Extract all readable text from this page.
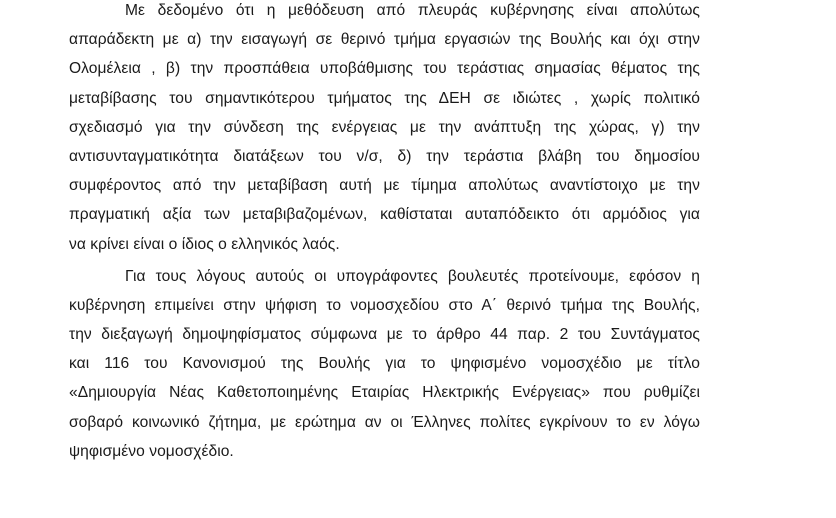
Με δεδομένο ότι η μεθόδευση από πλευράς κυβέρνησης είναι απολύτως
απαράδεκτη με α) την εισαγωγή σε θερινό τμήμα εργασιών της Βουλής και όχι στην
Ολομέλεια , β) την προσπάθεια υποβάθμισης του τεράστιας σημασίας θέματος της
μεταβίβασης του σημαντικότερου τμήματος της ΔΕΗ σε ιδιώτες , χωρίς πολιτικό
σχεδιασμό για την σύνδεση της ενέργειας με την ανάπτυξη της χώρας, γ) την
αντισυνταγματικότητα διατάξεων του ν/σ, δ) την τεράστια βλάβη του δημοσίου
συμφέροντος από την μεταβίβαση αυτή με τίμημα απολύτως αναντίστοιχο με την
πραγματική αξία των μεταβιβαζομένων, καθίσταται αυταπόδεικτο ότι αρμόδιος για
να κρίνει είναι ο ίδιος ο ελληνικός λαός.
Για τους λόγους αυτούς οι υπογράφοντες βουλευτές προτείνουμε, εφόσον η
κυβέρνηση επιμείνει στην ψήφιση το νομοσχεδίου στο Α΄ θερινό τμήμα της Βουλής,
την διεξαγωγή δημοψηφίσματος σύμφωνα με το άρθρο 44 παρ. 2 του Συντάγματος
και 116 του Κανονισμού της Βουλής για το ψηφισμένο νομοσχέδιο με τίτλο
«Δημιουργία Νέας Καθετοποιημένης Εταιρίας Ηλεκτρικής Ενέργειας» που ρυθμίζει
σοβαρό κοινωνικό ζήτημα, με ερώτημα αν οι Έλληνες πολίτες εγκρίνουν το εν λόγω
ψηφισμένο νομοσχέδιο.
